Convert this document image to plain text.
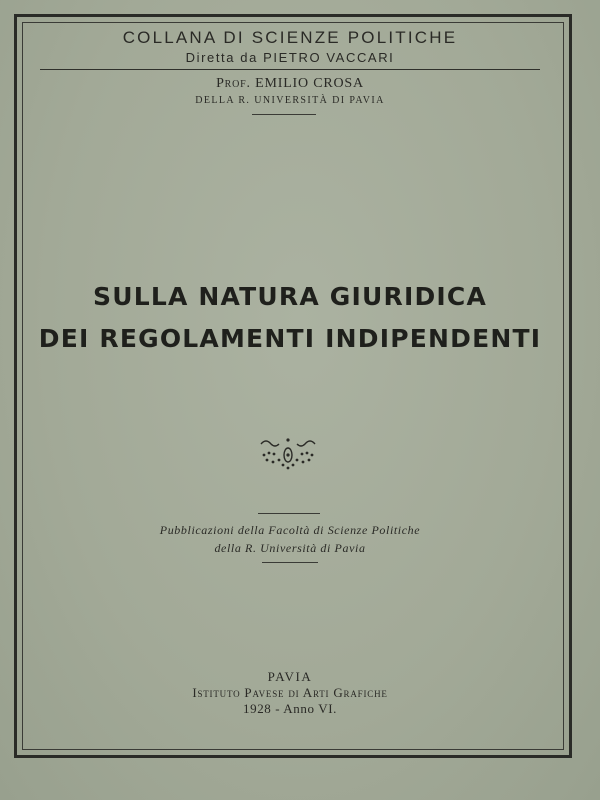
COLLANA DI SCIENZE POLITICHE
Diretta da PIETRO VACCARI
Prof. EMILIO CROSA
DELLA R. UNIVERSITÀ DI PAVIA
SULLA NATURA GIURIDICA
DEI REGOLAMENTI INDIPENDENTI
Pubblicazioni della Facoltà di Scienze Politiche
della R. Università di Pavia
PAVIA
Istituto Pavese di Arti Grafiche
1928 - Anno VI.
